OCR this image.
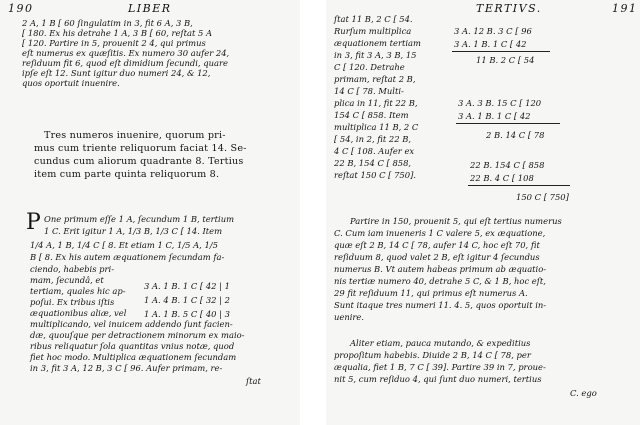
190	LIBER
2 A, 1 B [ 60 ſingulatim in 3, fit 6 A, 3 B,
[ 180. Ex his detrahe 1 A, 3 B [ 60, reſtat 5 A
[ 120. Partire in 5, prouenit 2 4, qui primus
eſt numerus ex quæſitis. Ex numero 30 aufer 24,
reſiduum fit 6, quod eſt dimidium ſecundi, quare
ipſe eſt 12. Sunt igitur duo numeri 24, & 12,
quos oportuit inuenire.
Tres numeros inuenire, quorum pri-
mus cum triente reliquorum faciat 14. Se-
cundus cum aliorum quadrante 8. Tertius
item cum parte quinta reliquorum 8.
P One primum eſſe 1 A, ſecundum 1 B, tertium
1 C. Erit igitur 1 A, 1/3 B, 1/3 C [ 14. Item
1/4 A, 1 B, 1/4 C [ 8. Et etiam 1 C, 1/5 A, 1/5
B [ 8. Ex his autem æquationem ſecundam fa-
ciendo, habebis pri-
mam, ſecundâ, et
tertiam, quales hic ap-
poſui. Ex tribus iſtis
æquationibus aliæ, vel
multiplicando, vel inuicem addendo ſunt facien-
dæ, quouſque per detractionem minorum ex maio-
ribus reliquatur ſola quantitas vnius notæ, quod
fiet hoc modo. Multiplica æquationem ſecundam
in 3, fit 3 A, 12 B, 3 C [ 96. Aufer primam, re-
ſtat
3 A. 1 B. 1 C [ 42 | 1
1 A. 4 B. 1 C [ 32 | 2
1 A. 1 B. 5 C [ 40 | 3
TERTIVS.	191
ſtat 11 B, 2 C [ 54.
Rurſum multiplica
æquationem tertiam
in 3, fit 3 A, 3 B, 15
C [ 120. Detrahe
primam, reſtat 2 B,
14 C [ 78. Multi-
plica in 11, fit 22 B,
154 C [ 858. Item
multiplica 11 B, 2 C
[ 54, in 2, fit 22 B,
4 C [ 108. Aufer ex
22 B, 154 C [ 858,
reſtat 150 C [ 750].
3 A. 12 B. 3 C [ 96
3 A. 1 B. 1 C [ 42
11 B. 2 C [ 54
3 A. 3 B. 15 C [ 120
3 A. 1 B. 1 C [ 42
2 B. 14 C [ 78
22 B. 154 C [ 858
22 B. 4 C [ 108
150 C [ 750]
Partire in 150, prouenit 5, qui eſt tertius numerus
C. Cum iam inueneris 1 C valere 5, ex æquatione,
quæ eſt 2 B, 14 C [ 78, aufer 14 C, hoc eſt 70, fit
reſiduum 8, quod valet 2 B, eſt igitur 4 ſecundus
numerus B. Vt autem habeas primum ab æquatio-
nis tertiæ numero 40, detrahe 5 C, & 1 B, hoc eſt,
29 fit reſiduum 11, qui primus eſt numerus A.
Sunt itaque tres numeri 11. 4. 5, quos oportuit in-
uenire.
Aliter etiam, pauca mutando, & expeditius
propoſitum habebis. Diuide 2 B, 14 C [ 78, per
æqualia, fiet 1 B, 7 C [ 39]. Partire 39 in 7, proue-
nit 5, cum reſiduo 4, qui ſunt duo numeri, tertius
C. ego
